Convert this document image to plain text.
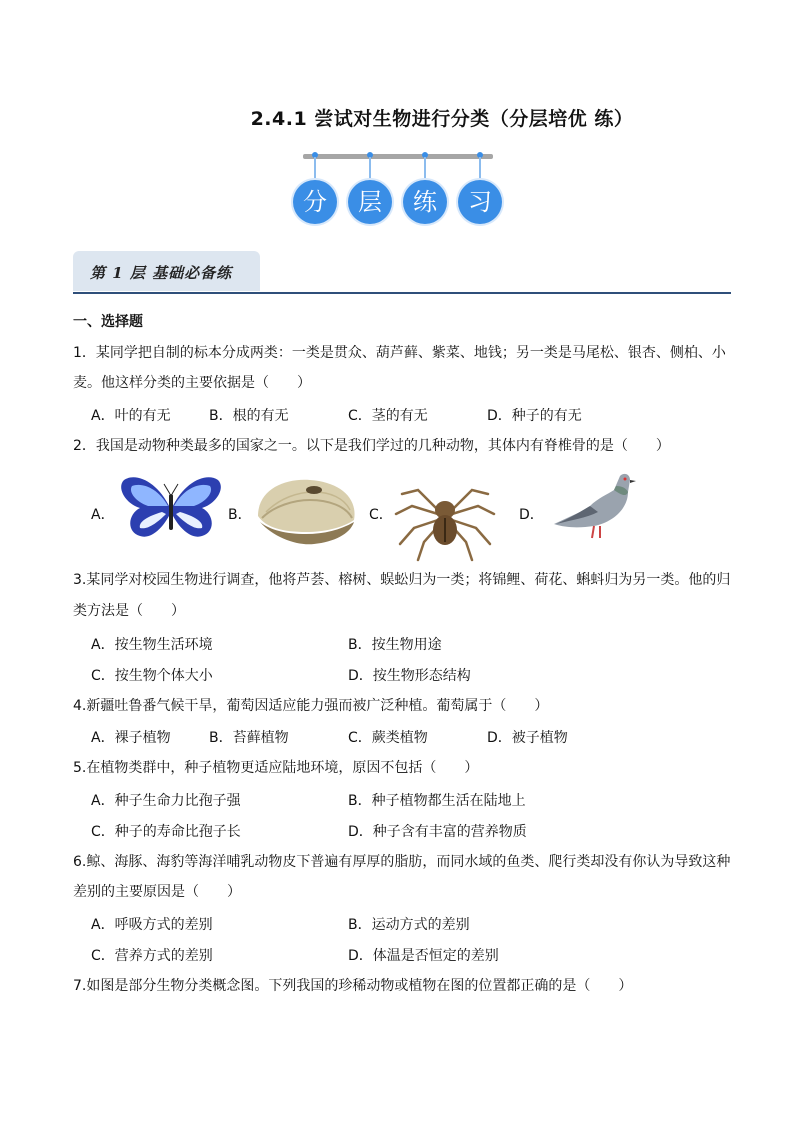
2.4.1 尝试对生物进行分类（分层培优 练）
分	层	练	习
第 1 层 基础必备练
一、选择题
1．某同学把自制的标本分成两类：一类是贯众、葫芦藓、紫菜、地钱；另一类是马尾松、银杏、侧柏、小
麦。他这样分类的主要依据是（　　）
A．叶的有无	B．根的有无	C．茎的有无	D．种子的有无
2．我国是动物种类最多的国家之一。以下是我们学过的几种动物，其体内有脊椎骨的是（　　）
A．	B．	C．	D．
3.某同学对校园生物进行调查，他将芦荟、榕树、蜈蚣归为一类；将锦鲤、荷花、蝌蚪归为另一类。他的归
类方法是（　　）
A．按生物生活环境	B．按生物用途
C．按生物个体大小	D．按生物形态结构
4.新疆吐鲁番气候干旱，葡萄因适应能力强而被广泛种植。葡萄属于（　　）
A．裸子植物	B．苔藓植物	C．蕨类植物	D．被子植物
5.在植物类群中，种子植物更适应陆地环境，原因不包括（　　）
A．种子生命力比孢子强	B．种子植物都生活在陆地上
C．种子的寿命比孢子长	D．种子含有丰富的营养物质
6.鲸、海豚、海豹等海洋哺乳动物皮下普遍有厚厚的脂肪，而同水域的鱼类、爬行类却没有你认为导致这种
差别的主要原因是（　　）
A．呼吸方式的差别	B．运动方式的差别
C．营养方式的差别	D．体温是否恒定的差别
7.如图是部分生物分类概念图。下列我国的珍稀动物或植物在图的位置都正确的是（　　）
